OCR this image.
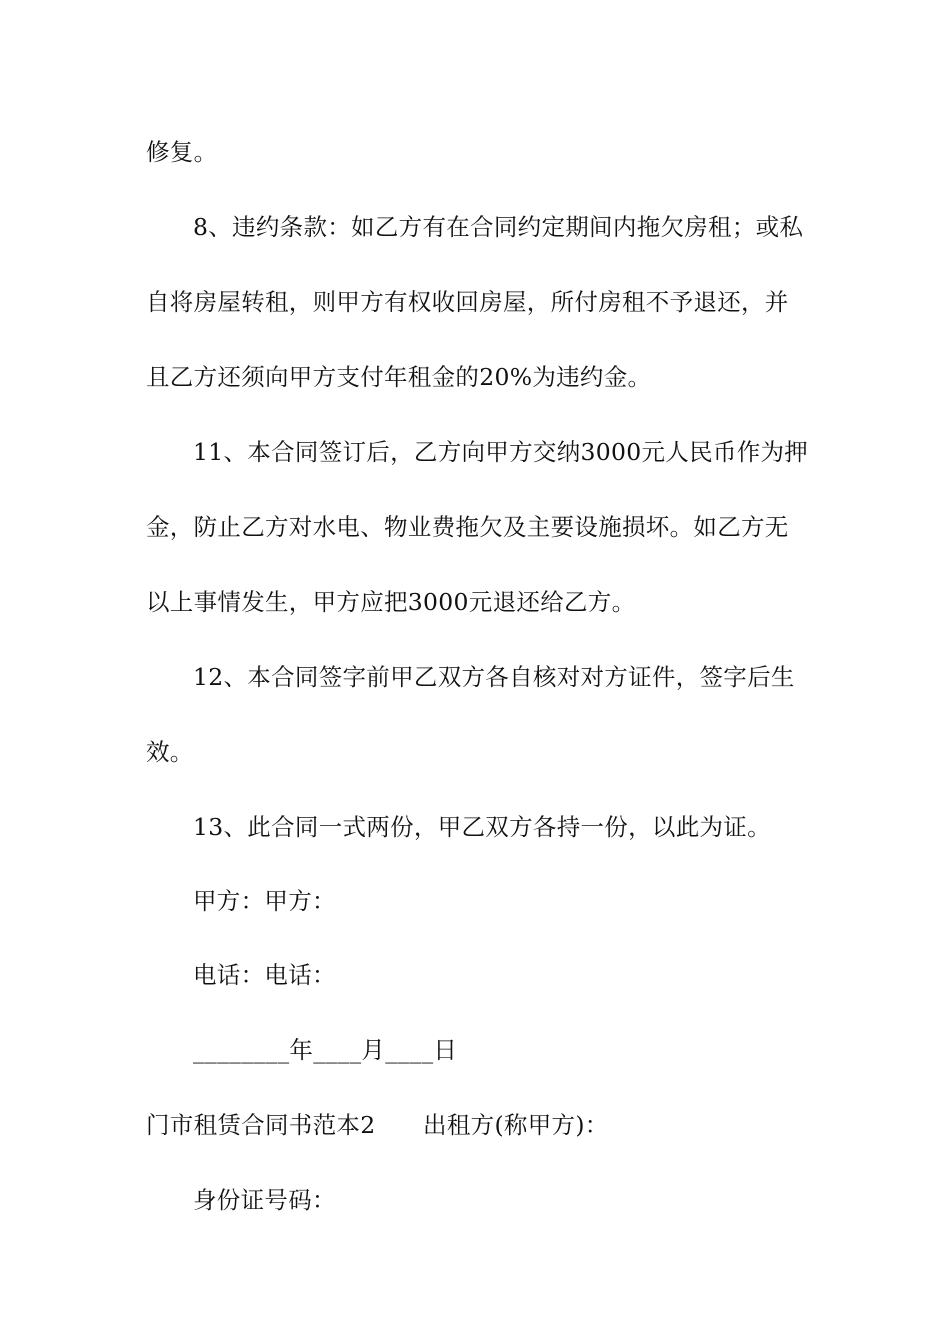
修复。
8、违约条款：如乙方有在合同约定期间内拖欠房租；或私
自将房屋转租，则甲方有权收回房屋，所付房租不予退还，并
且乙方还须向甲方支付年租金的20%为违约金。
11、本合同签订后，乙方向甲方交纳3000元人民币作为押
金，防止乙方对水电、物业费拖欠及主要设施损坏。如乙方无
以上事情发生，甲方应把3000元退还给乙方。
12、本合同签字前甲乙双方各自核对对方证件，签字后生
效。
13、此合同一式两份，甲乙双方各持一份，以此为证。
甲方：甲方：
电话：电话：
________年____月____日
门市租赁合同书范本2　　出租方(称甲方)：
身份证号码：
